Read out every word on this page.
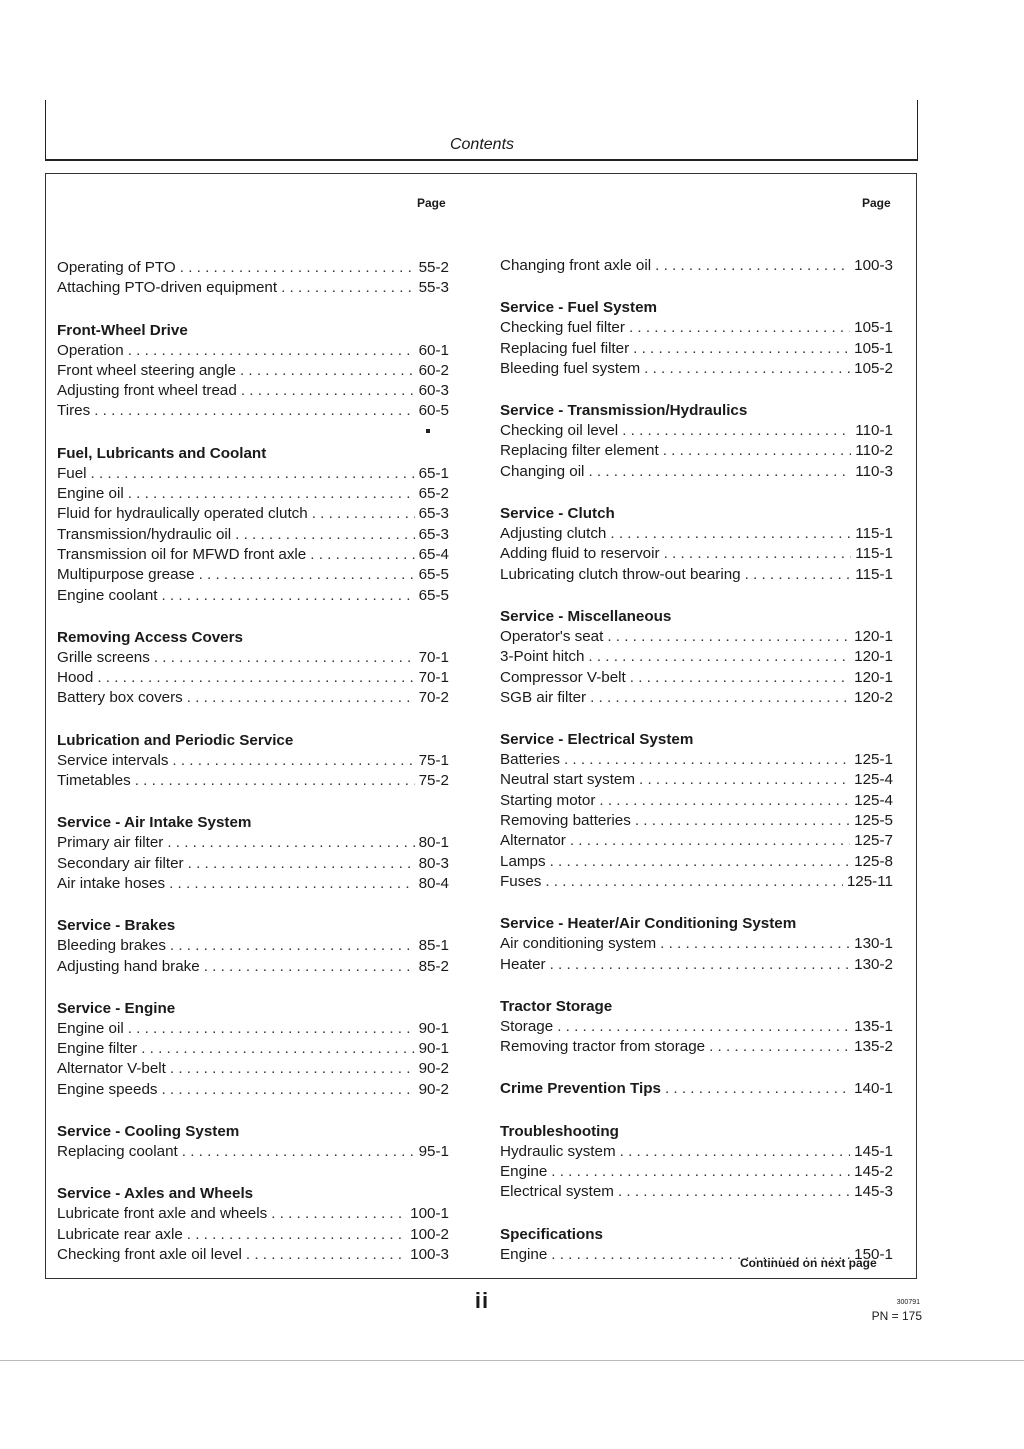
Contents
Page	Page
Operating of PTO . . .	55-2
Attaching PTO-driven equipment . . .	55-3
Front-Wheel Drive
Operation . . .	60-1
Front wheel steering angle . . .	60-2
Adjusting front wheel tread . . .	60-3
Tires . . .	60-5
Fuel, Lubricants and Coolant
Fuel . . .	65-1
Engine oil . . .	65-2
Fluid for hydraulically operated clutch . . .	65-3
Transmission/hydraulic oil . . .	65-3
Transmission oil for MFWD front axle . . .	65-4
Multipurpose grease . . .	65-5
Engine coolant . . .	65-5
Removing Access Covers
Grille screens . . .	70-1
Hood . . .	70-1
Battery box covers . . .	70-2
Lubrication and Periodic Service
Service intervals . . .	75-1
Timetables . . .	75-2
Service - Air Intake System
Primary air filter . . .	80-1
Secondary air filter . . .	80-3
Air intake hoses . . .	80-4
Service - Brakes
Bleeding brakes . . .	85-1
Adjusting hand brake . . .	85-2
Service - Engine
Engine oil . . .	90-1
Engine filter . . .	90-1
Alternator V-belt . . .	90-2
Engine speeds . . .	90-2
Service - Cooling System
Replacing coolant . . .	95-1
Service - Axles and Wheels
Lubricate front axle and wheels . . .	100-1
Lubricate rear axle . . .	100-2
Checking front axle oil level . . .	100-3
Changing front axle oil . . .	100-3
Service - Fuel System
Checking fuel filter . . .	105-1
Replacing fuel filter . . .	105-1
Bleeding fuel system . . .	105-2
Service - Transmission/Hydraulics
Checking oil level . . .	110-1
Replacing filter element . . .	110-2
Changing oil . . .	110-3
Service - Clutch
Adjusting clutch . . .	115-1
Adding fluid to reservoir . . .	115-1
Lubricating clutch throw-out bearing . . .	115-1
Service - Miscellaneous
Operator's seat . . .	120-1
3-Point hitch . . .	120-1
Compressor V-belt . . .	120-1
SGB air filter . . .	120-2
Service - Electrical System
Batteries . . .	125-1
Neutral start system . . .	125-4
Starting motor . . .	125-4
Removing batteries . . .	125-5
Alternator . . .	125-7
Lamps . . .	125-8
Fuses . . .	125-11
Service - Heater/Air Conditioning System
Air conditioning system . . .	130-1
Heater . . .	130-2
Tractor Storage
Storage . . .	135-1
Removing tractor from storage . . .	135-2
Crime Prevention Tips . . .	140-1
Troubleshooting
Hydraulic system . . .	145-1
Engine . . .	145-2
Electrical system . . .	145-3
Specifications
Engine . . .	150-1
Continued on next page
ii	300791
PN = 175
